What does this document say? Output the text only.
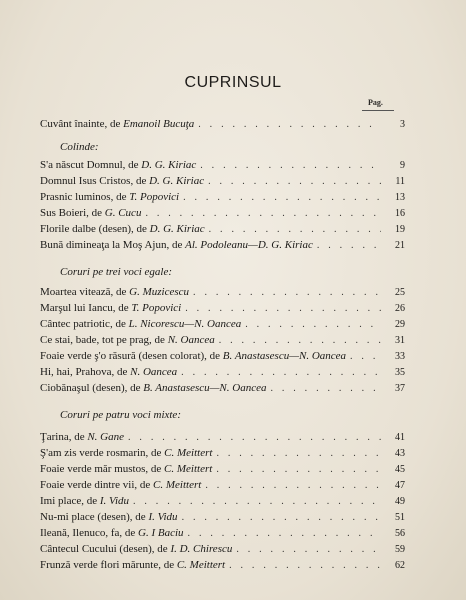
CUPRINSUL
Pag.
Cuvânt înainte, de Emanoil Bucuţa . . .	3
Colinde:
S'a născut Domnul, de D. G. Kiriac . . .	9
Domnul Isus Cristos, de D. G. Kiriac . . .	11
Prasnic luminos, de T. Popovici . . .	13
Sus Boieri, de G. Cucu . . .	16
Florile dalbe (desen), de D. G. Kiriac . . .	19
Bună dimineaţa la Moş Ajun, de Al. Podoleanu—D. G. Kiriac . . .	21
Coruri pe trei voci egale:
Moartea vitează, de G. Muzicescu . . .	25
Marşul lui Iancu, de T. Popovici . . .	26
Cântec patriotic, de L. Nicorescu—N. Oancea . . .	29
Ce stai, bade, tot pe prag, de N. Oancea . . .	31
Foaie verde ş'o răsură (desen colorat), de B. Anastasescu—N. Oancea . . .	33
Hi, hai, Prahova, de N. Oancea . . .	35
Ciobănaşul (desen), de B. Anastasescu—N. Oancea . . .	37
Coruri pe patru voci mixte:
Ţarina, de N. Gane . . .	41
Ş'am zis verde rosmarin, de C. Meittert . . .	43
Foaie verde măr mustos, de C. Meittert . . .	45
Foaie verde dintre vii, de C. Meittert . . .	47
Imi place, de I. Vidu . . .	49
Nu-mi place (desen), de I. Vidu . . .	51
Ileană, Ilenuco, fa, de G. I Baciu . . .	56
Cântecul Cucului (desen), de I. D. Chirescu . . .	59
Frunză verde flori mărunte, de C. Meittert . . .	62
